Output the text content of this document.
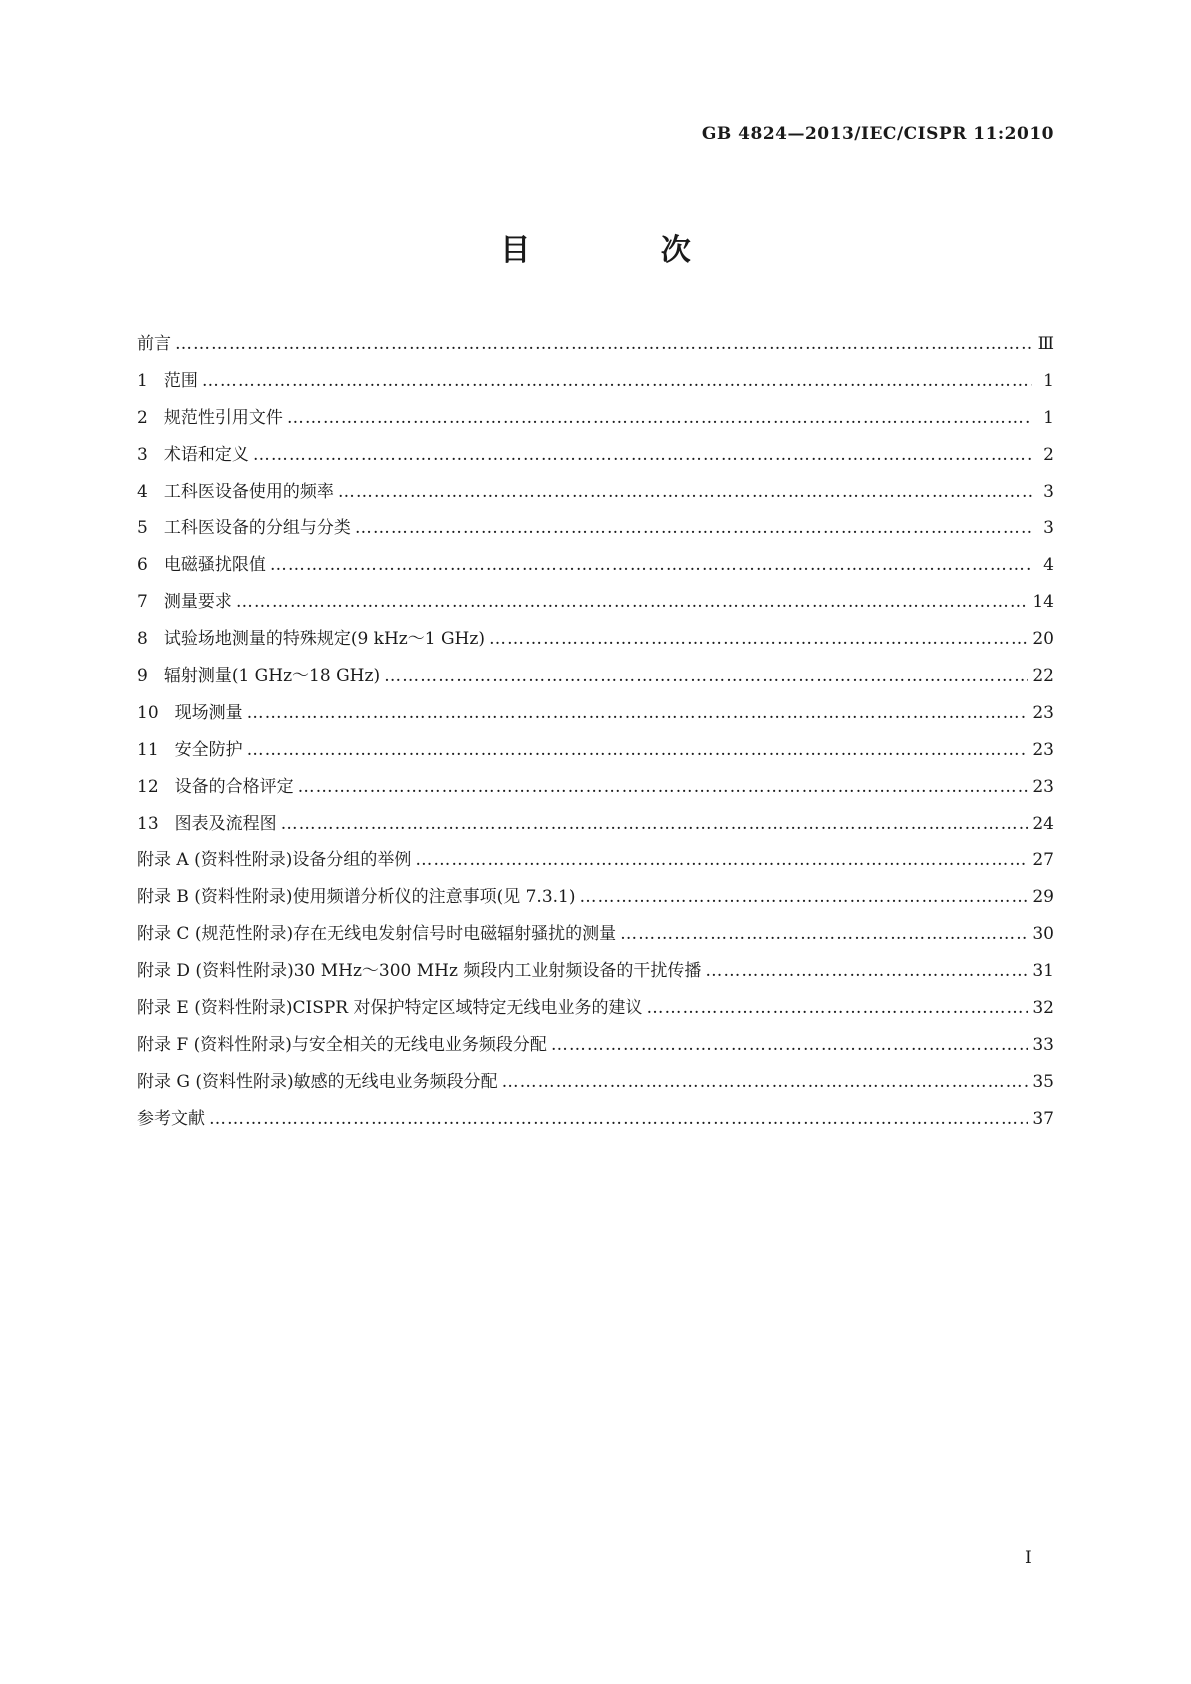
GB 4824—2013/IEC/CISPR 11:2010
目 次
前言 …………………………………………………………………………………………………………………………………………………………………………………………………………………………………………………………………	Ⅲ
1 范围 …………………………………………………………………………………………………………………………………………………………………………………………………………………………………………………………………	1
2 规范性引用文件 …………………………………………………………………………………………………………………………………………………………………………………………………………………………………………………………………	1
3 术语和定义 …………………………………………………………………………………………………………………………………………………………………………………………………………………………………………………………………	2
4 工科医设备使用的频率 …………………………………………………………………………………………………………………………………………………………………………………………………………………………………………………………………	3
5 工科医设备的分组与分类 …………………………………………………………………………………………………………………………………………………………………………………………………………………………………………………………………	3
6 电磁骚扰限值 …………………………………………………………………………………………………………………………………………………………………………………………………………………………………………………………………	4
7 测量要求 …………………………………………………………………………………………………………………………………………………………………………………………………………………………………………………………………	14
8 试验场地测量的特殊规定(9 kHz～1 GHz) …………………………………………………………………………………………………………………………………………………………………………………………………………………………………………………………………	20
9 辐射测量(1 GHz～18 GHz) …………………………………………………………………………………………………………………………………………………………………………………………………………………………………………………………………	22
10 现场测量 …………………………………………………………………………………………………………………………………………………………………………………………………………………………………………………………………	23
11 安全防护 …………………………………………………………………………………………………………………………………………………………………………………………………………………………………………………………………	23
12 设备的合格评定 …………………………………………………………………………………………………………………………………………………………………………………………………………………………………………………………………	23
13 图表及流程图 …………………………………………………………………………………………………………………………………………………………………………………………………………………………………………………………………	24
附录 A (资料性附录)设备分组的举例 …………………………………………………………………………………………………………………………………………………………………………………………………………………………………………………………………	27
附录 B (资料性附录)使用频谱分析仪的注意事项(见 7.3.1) …………………………………………………………………………………………………………………………………………………………………………………………………………………………………………………………………	29
附录 C (规范性附录)存在无线电发射信号时电磁辐射骚扰的测量 …………………………………………………………………………………………………………………………………………………………………………………………………………………………………………………………………	30
附录 D (资料性附录)30 MHz～300 MHz 频段内工业射频设备的干扰传播 …………………………………………………………………………………………………………………………………………………………………………………………………………………………………………………………………	31
附录 E (资料性附录)CISPR 对保护特定区域特定无线电业务的建议 …………………………………………………………………………………………………………………………………………………………………………………………………………………………………………………………………	32
附录 F (资料性附录)与安全相关的无线电业务频段分配 …………………………………………………………………………………………………………………………………………………………………………………………………………………………………………………………………	33
附录 G (资料性附录)敏感的无线电业务频段分配 …………………………………………………………………………………………………………………………………………………………………………………………………………………………………………………………………	35
参考文献 …………………………………………………………………………………………………………………………………………………………………………………………………………………………………………………………………	37
I
